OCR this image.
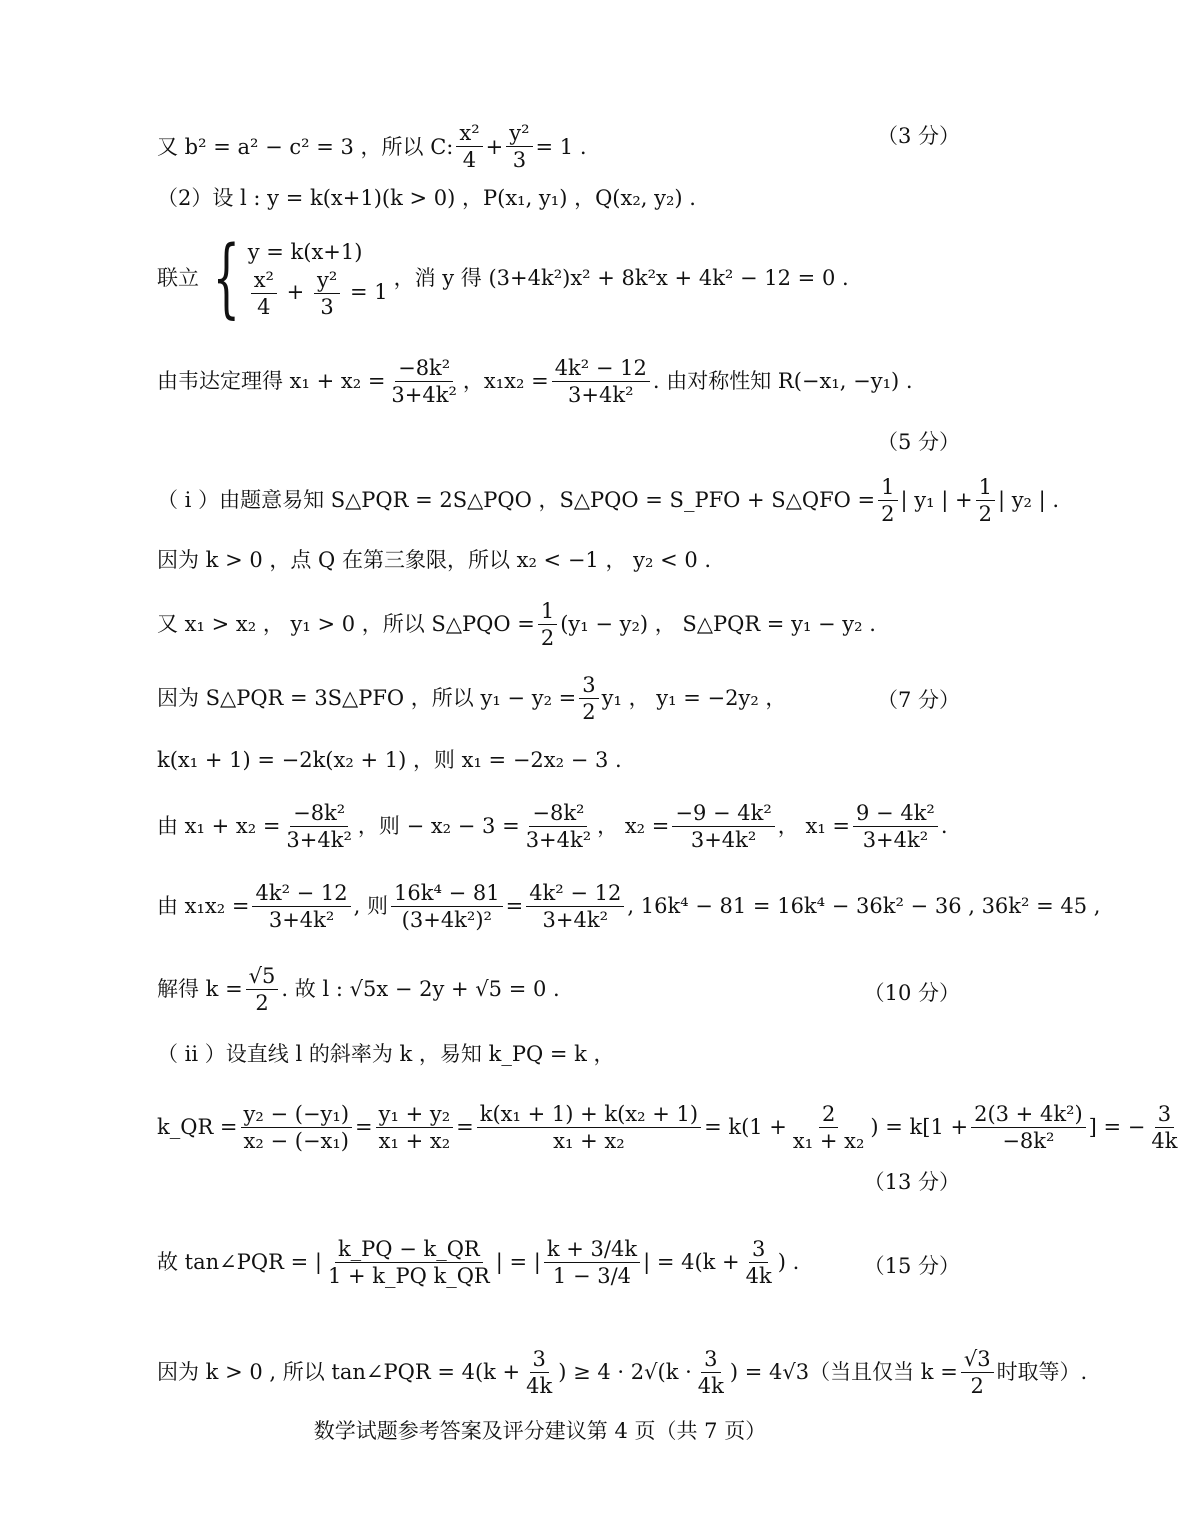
又 b² = a² − c² = 3 ，所以 C: $\frac{\text{x²}}{4} + \frac{\text{y²}}{3} = 1$ .	（3 分）
（2）设 l : y = k(x+1)(k > 0) ，P(x₁, y₁) ，Q(x₂, y₂) .
联立 { y = k(x+1)
$\frac{\text{x²}}{4} + \frac{\text{y²}}{3} = 1$
，消 y 得 (3+4k²)x² + 8k²x + 4k² − 12 = 0 .
由韦达定理得 $x_1 + x_2 = \frac{\text{−8k²}}{\text{3+4k²}}$ ，$x_1x_2 = \frac{\text{4k² − 12}}{\text{3+4k²}}$ . 由对称性知 R(−x₁, −y₁) .
（5 分）
（ i ）由题意易知 S△PQR = 2S△PQO ，S△PQO = S_PFO + S△QFO = $\frac{1}{2}$ | y₁ | + $\frac{1}{2}$ | y₂ | .
因为 k > 0 ，点 Q 在第三象限，所以 x₂ < −1 ， y₂ < 0 .
又 x₁ > x₂ ， y₁ > 0 ，所以 S△PQO = $\frac{1}{2} (y_1 - y_2)$ ， S△PQR = y₁ − y₂ .
因为 S△PQR = 3S△PFO ，所以 $y_1 - y_2 = \frac{3}{2} y_1$ ， y₁ = −2y₂ ，	（7 分）
k(x₁ + 1) = −2k(x₂ + 1) ，则 x₁ = −2x₂ − 3 .
由 $x_1 + x_2 = \frac{\text{−8k²}}{\text{3+4k²}}$ ，则 − $x_2 - 3 = \frac{\text{−8k²}}{\text{3+4k²}}$ ， $x_2 = \frac{\text{−9 − 4k²}}{\text{3+4k²}}$ ， $x_1 = \frac{\text{9 − 4k²}}{\text{3+4k²}}$ .
由 $x_1x_2 = \frac{\text{4k² − 12}}{\text{3+4k²}}$ , 则 $\frac{\text{16k⁴ − 81}}{\text{(3+4k²)²}} = \frac{\text{4k² − 12}}{\text{3+4k²}}$ , 16k⁴ − 81 = 16k⁴ − 36k² − 36 , 36k² = 45 ,
解得 $k = \frac{√5}{2}$ . 故 l : √5x − 2y + √5 = 0 .	（10 分）
（ ii ）设直线 l 的斜率为 k ，易知 k_PQ = k ，
k_QR = $\frac{\text{y₂ − (−y₁)}}{\text{x₂ − (−x₁)}} = \frac{\text{y₁ + y₂}}{\text{x₁ + x₂}} = \frac{\text{k(x₁ + 1) + k(x₂ + 1)}}{\text{x₁ + x₂}} = k(1 + \frac{2}{\text{x₁ + x₂}}$ ) = $k[1 + \frac{\text{2(3 + 4k²)}}{\text{−8k²}}$ ] = − $\frac{3}{4k}$
（13 分）
故 tan∠PQR = | $\frac{k\_PQ - k\_QR}{\text{1 + k\_PQ k\_QR}}$ | = | $\frac{k + 3/4k}{1 - 3/4}$ | = $4(k + \frac{3}{4k}$ ) .	（15 分）
因为 k > 0 , 所以 tan∠PQR = $4(k + \frac{3}{4k}$ ) ≥ $4 \cdot 2√(k \cdot \frac{3}{4k}$ ) = 4√3（当且仅当 $k = \frac{√3}{2}$ 时取等）.
数学试题参考答案及评分建议第 4 页（共 7 页）
